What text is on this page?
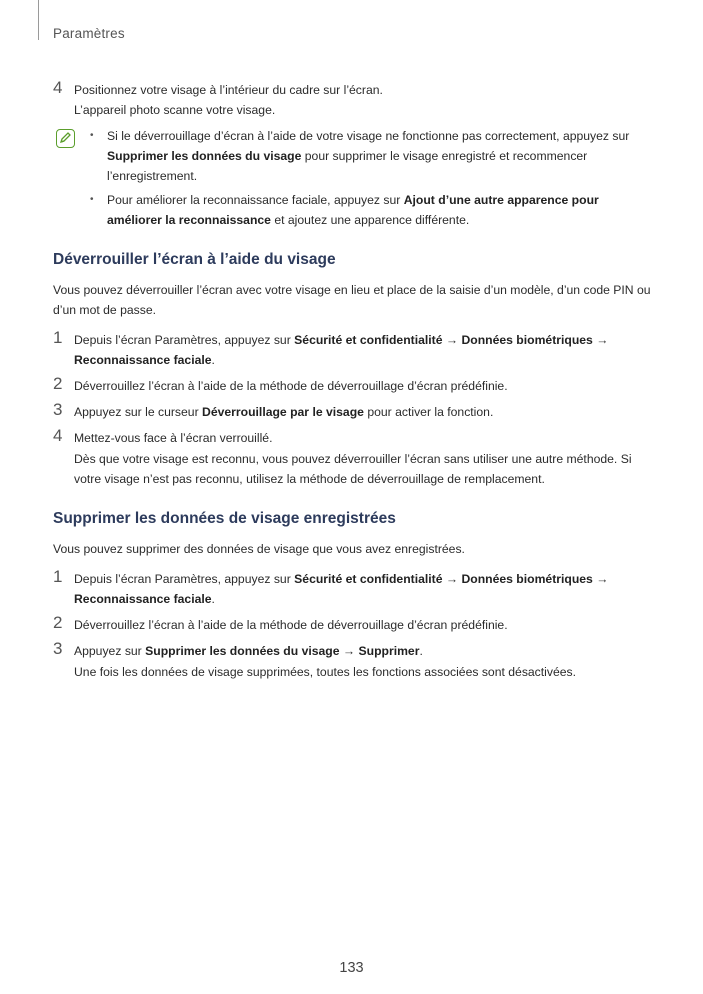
Paramètres
4 Positionnez votre visage à l’intérieur du cadre sur l’écran.

L’appareil photo scanne votre visage.

• Si le déverrouillage d’écran à l’aide de votre visage ne fonctionne pas correctement, appuyez sur Supprimer les données du visage pour supprimer le visage enregistré et recommencer l’enregistrement.

• Pour améliorer la reconnaissance faciale, appuyez sur Ajout d’une autre apparence pour améliorer la reconnaissance et ajoutez une apparence différente.

Déverrouiller l’écran à l’aide du visage

Vous pouvez déverrouiller l’écran avec votre visage en lieu et place de la saisie d’un modèle, d’un code PIN ou d’un mot de passe.

1 Depuis l’écran Paramètres, appuyez sur Sécurité et confidentialité → Données biométriques → Reconnaissance faciale.

2 Déverrouillez l’écran à l’aide de la méthode de déverrouillage d’écran prédéfinie.

3 Appuyez sur le curseur Déverrouillage par le visage pour activer la fonction.

4 Mettez-vous face à l’écran verrouillé.

Dès que votre visage est reconnu, vous pouvez déverrouiller l’écran sans utiliser une autre méthode. Si votre visage n’est pas reconnu, utilisez la méthode de déverrouillage de remplacement.

Supprimer les données de visage enregistrées

Vous pouvez supprimer des données de visage que vous avez enregistrées.

1 Depuis l’écran Paramètres, appuyez sur Sécurité et confidentialité → Données biométriques → Reconnaissance faciale.

2 Déverrouillez l’écran à l’aide de la méthode de déverrouillage d’écran prédéfinie.

3 Appuyez sur Supprimer les données du visage → Supprimer.

Une fois les données de visage supprimées, toutes les fonctions associées sont désactivées.

133
